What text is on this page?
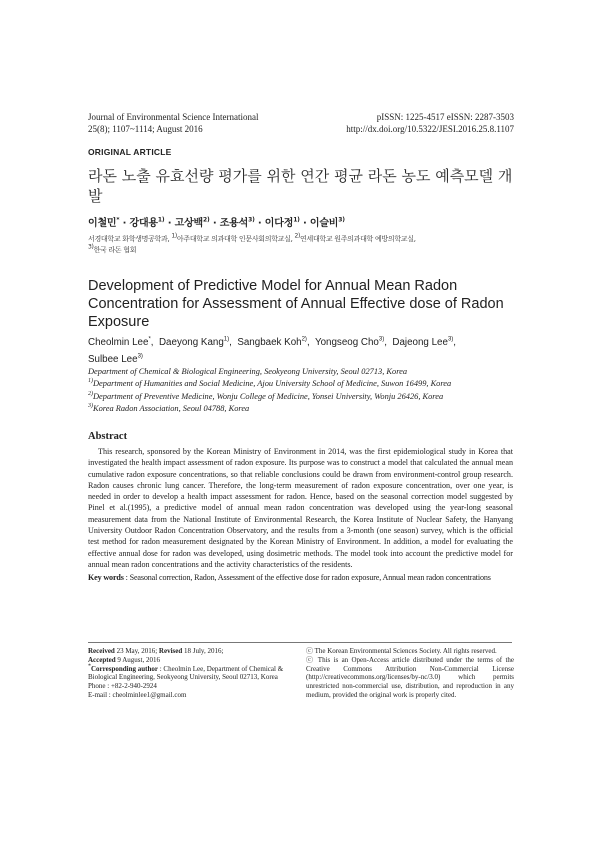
Journal of Environmental Science International
25(8); 1107~1114; August 2016
pISSN: 1225-4517 eISSN: 2287-3503
http://dx.doi.org/10.5322/JESI.2016.25.8.1107
ORIGINAL ARTICLE
라돈 노출 유효선량 평가를 위한 연간 평균 라돈 농도 예측모델 개발
이철민* · 강대용$^{1)}$ · 고상백$^{2)}$ · 조용석$^{3)}$ · 이다정$^{1)}$ · 이슬비$^{3)}$
서경대학교 화학생명공학과, $^{1)}$아주대학교 의과대학 인문사회의학교실, $^{2)}$연세대학교 원주의과대학 예방의학교실,
$^{3)}$한국 라돈 협회
Development of Predictive Model for Annual Mean Radon Concentration for Assessment of Annual Effective dose of Radon Exposure
Cheolmin Lee*,  Daeyong Kang$^{1)}$,  Sangbaek Koh$^{2)}$,  Yongseog Cho$^{3)}$,  Dajeong Lee$^{3)}$,
Sulbee Lee$^{3)}$
Department of Chemical & Biological Engineering, Seokyeong University, Seoul 02713, Korea
$^{1)}$Department of Humanities and Social Medicine, Ajou University School of Medicine, Suwon 16499, Korea
$^{2)}$Department of Preventive Medicine, Wonju College of Medicine, Yonsei University, Wonju 26426, Korea
$^{3)}$Korea Radon Association, Seoul 04788, Korea
Abstract
This research, sponsored by the Korean Ministry of Environment in 2014, was the first epidemiological study in Korea that investigated the health impact assessment of radon exposure. Its purpose was to construct a model that calculated the annual mean cumulative radon exposure concentrations, so that reliable conclusions could be drawn from environment-control group research. Radon causes chronic lung cancer. Therefore, the long-term measurement of radon exposure concentration, over one year, is needed in order to develop a health impact assessment for radon. Hence, based on the seasonal correction model suggested by Pinel et al.(1995), a predictive model of annual mean radon concentration was developed using the year-long seasonal measurement data from the National Institute of Environmental Research, the Korea Institute of Nuclear Safety, the Hanyang University Outdoor Radon Concentration Observatory, and the results from a 3-month (one season) survey, which is the official test method for radon measurement designated by the Korean Ministry of Environment. In addition, a model for evaluating the effective annual dose for radon was developed, using dosimetric methods. The model took into account the predictive model for annual mean radon concentrations and the activity characteristics of the residents.
Key words : Seasonal correction, Radon, Assessment of the effective dose for radon exposure, Annual mean radon concentrations
Received 23 May, 2016; Revised 18 July, 2016;
Accepted 9 August, 2016
*Corresponding author : Cheolmin Lee, Department of Chemical & Biological Engineering, Seokyeong University, Seoul 02713, Korea
Phone : +82-2-940-2924
E-mail : cheolminlee1@gmail.com
ⓒ The Korean Environmental Sciences Society. All rights reserved.
ⓒ This is an Open-Access article distributed under the terms of the Creative Commons Attribution Non-Commercial License (http://creativecommons.org/licenses/by-nc/3.0) which permits unrestricted non-commercial use, distribution, and reproduction in any medium, provided the original work is properly cited.
